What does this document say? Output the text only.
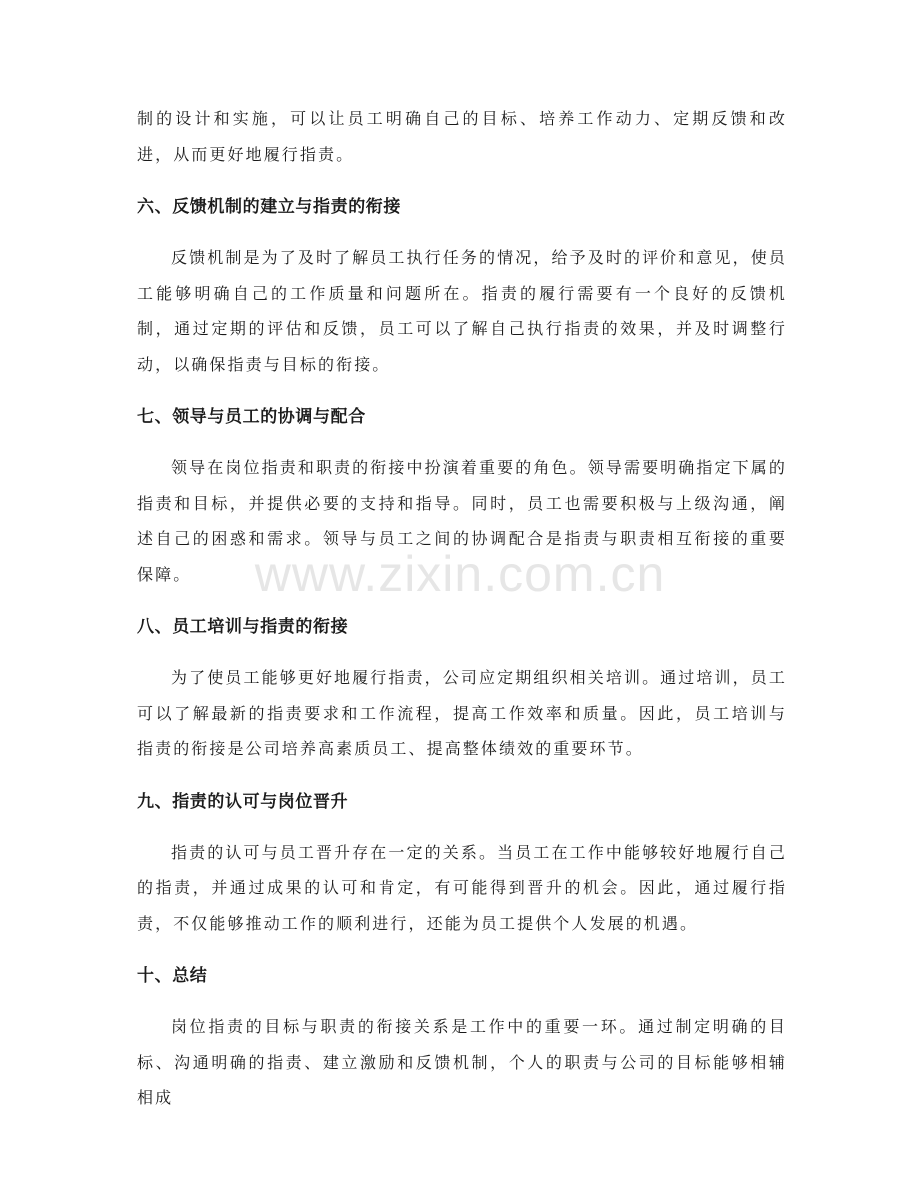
www.zixin.com.cn

制的设计和实施，可以让员工明确自己的目标、培养工作动力、定期反馈和改进，从而更好地履行指责。

六、反馈机制的建立与指责的衔接

反馈机制是为了及时了解员工执行任务的情况，给予及时的评价和意见，使员工能够明确自己的工作质量和问题所在。指责的履行需要有一个良好的反馈机制，通过定期的评估和反馈，员工可以了解自己执行指责的效果，并及时调整行动，以确保指责与目标的衔接。

七、领导与员工的协调与配合

领导在岗位指责和职责的衔接中扮演着重要的角色。领导需要明确指定下属的指责和目标，并提供必要的支持和指导。同时，员工也需要积极与上级沟通，阐述自己的困惑和需求。领导与员工之间的协调配合是指责与职责相互衔接的重要保障。

八、员工培训与指责的衔接

为了使员工能够更好地履行指责，公司应定期组织相关培训。通过培训，员工可以了解最新的指责要求和工作流程，提高工作效率和质量。因此，员工培训与指责的衔接是公司培养高素质员工、提高整体绩效的重要环节。

九、指责的认可与岗位晋升

指责的认可与员工晋升存在一定的关系。当员工在工作中能够较好地履行自己的指责，并通过成果的认可和肯定，有可能得到晋升的机会。因此，通过履行指责，不仅能够推动工作的顺利进行，还能为员工提供个人发展的机遇。

十、总结

岗位指责的目标与职责的衔接关系是工作中的重要一环。通过制定明确的目标、沟通明确的指责、建立激励和反馈机制，个人的职责与公司的目标能够相辅相成
